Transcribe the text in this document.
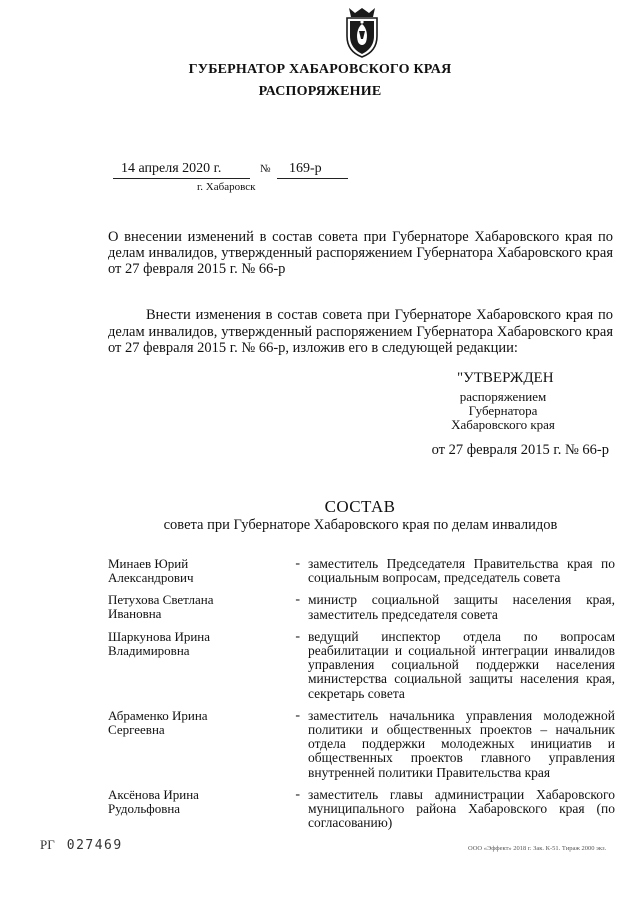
ГУБЕРНАТОР ХАБАРОВСКОГО КРАЯ
РАСПОРЯЖЕНИЕ
14 апреля 2020 г.	№ 169-р
г. Хабаровск
О внесении изменений в состав совета при Губернаторе Хабаровского края по делам инвалидов, утвержденный распоряжением Губернатора Хабаровского края от 27 февраля 2015 г. № 66-р
Внести изменения в состав совета при Губернаторе Хабаровского края по делам инвалидов, утвержденный распоряжением Губернатора Хабаровского края от 27 февраля 2015 г. № 66-р, изложив его в следующей редакции:
"УТВЕРЖДЕН
распоряжением
Губернатора
Хабаровского края
от 27 февраля 2015 г. № 66-р
СОСТАВ
совета при Губернаторе Хабаровского края по делам инвалидов
Минаев Юрий
Александрович
- заместитель Председателя Правительства края по социальным вопросам, председатель совета
Петухова Светлана
Ивановна
- министр социальной защиты населения края, заместитель председателя совета
Шаркунова Ирина
Владимировна
- ведущий инспектор отдела по вопросам реабилитации и социальной интеграции инвалидов управления социальной поддержки населения министерства социальной защиты населения края, секретарь совета
Абраменко Ирина
Сергеевна
- заместитель начальника управления молодежной политики и общественных проектов – начальник отдела поддержки молодежных инициатив и общественных проектов главного управления внутренней политики Правительства края
Аксёнова Ирина
Рудольфовна
- заместитель главы администрации Хабаровского муниципального района Хабаровского края (по согласованию)
РГ 027469	ООО «Эффект» 2018 г. Зак. К-51. Тираж 2000 экз.
